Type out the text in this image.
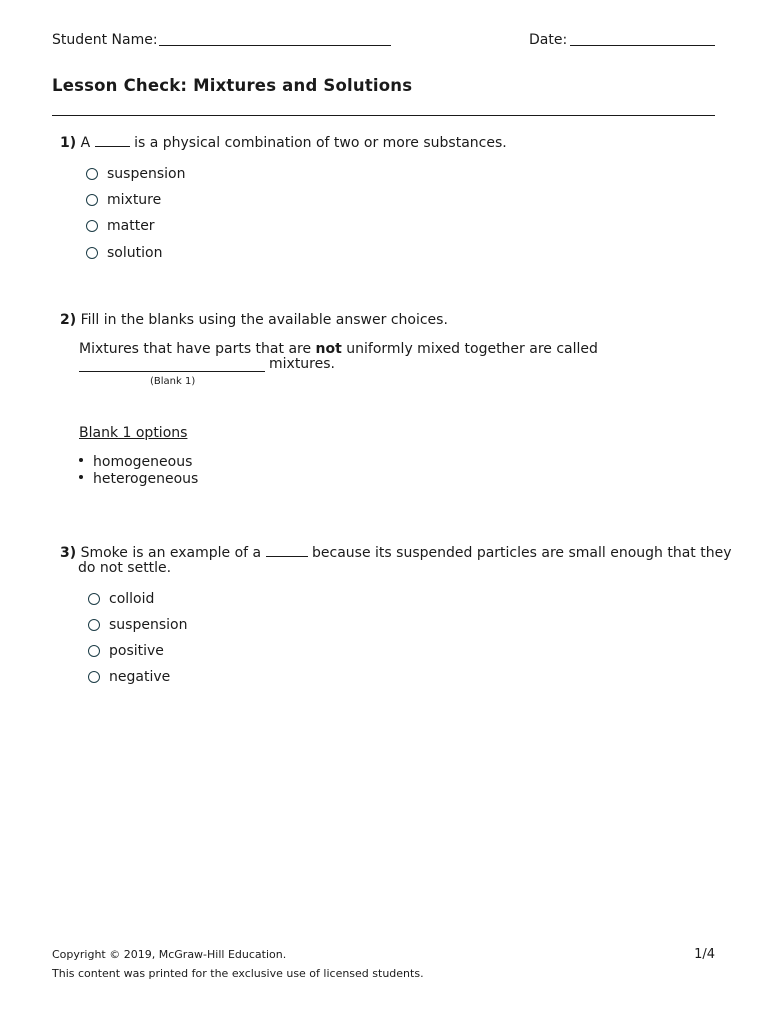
Student Name:	Date:
Lesson Check: Mixtures and Solutions
1) A	is a physical combination of two or more substances.
suspension
mixture
matter
solution
2) Fill in the blanks using the available answer choices.
Mixtures that have parts that are not uniformly mixed together are called
mixtures.
(Blank 1)
Blank 1 options
homogeneous
heterogeneous
3) Smoke is an example of a	because its suspended particles are small enough that they
do not settle.
colloid
suspension
positive
negative
Copyright © 2019, McGraw-Hill Education.
This content was printed for the exclusive use of licensed students.
1/4
